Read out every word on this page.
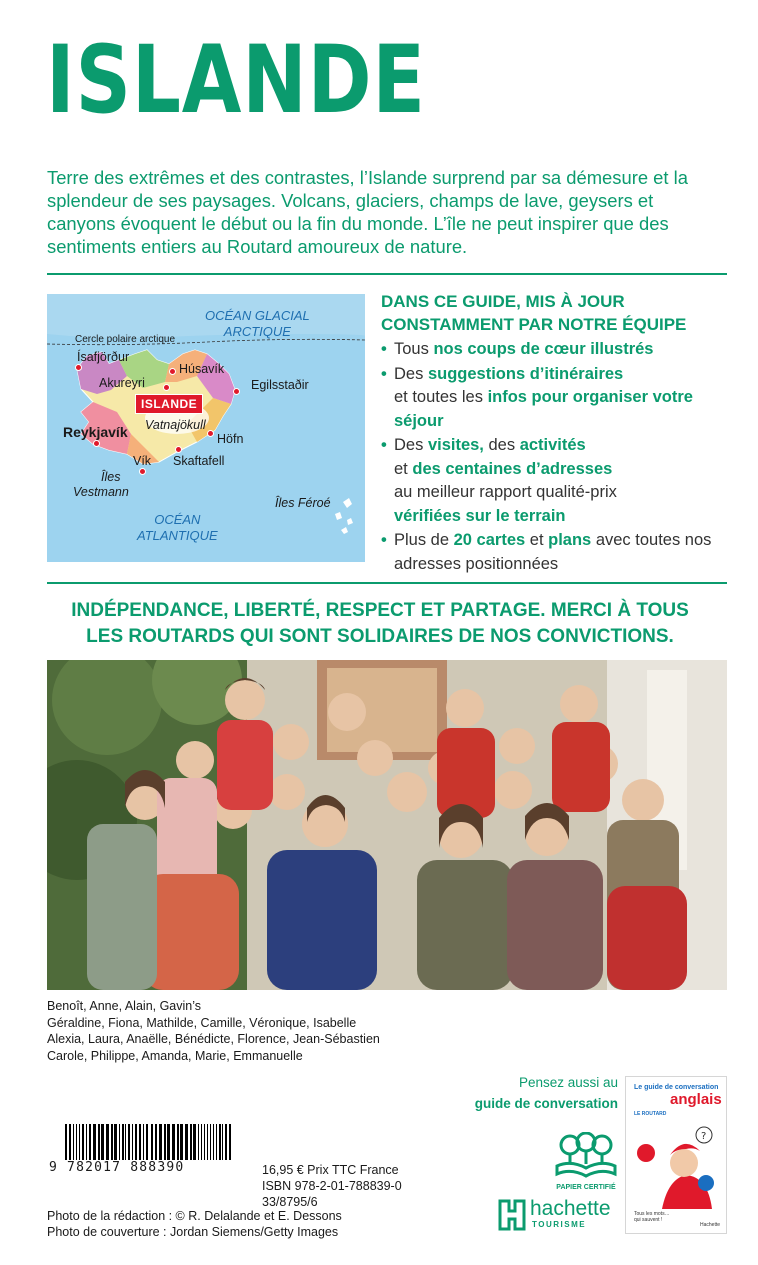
ISLANDE

Terre des extrêmes et des contrastes, l’Islande surprend par sa démesure et la splendeur de ses paysages. Volcans, glaciers, champs de lave, geysers et canyons évoquent le début ou la fin du monde. L’île ne peut inspirer que des sentiments entiers au Routard amoureux de nature.

OCÉAN GLACIAL
ARCTIQUE
Cercle polaire arctique
Ísafjörður
Húsavík
Akureyri	Egilsstaðir
ISLANDE
Vatnajökull
Reykjavík	Höfn
Skaftafell
Vík
Îles
Vestmann
Îles Féroé
OCÉAN
ATLANTIQUE
DANS CE GUIDE, MIS À JOUR
CONSTAMMENT PAR NOTRE ÉQUIPE
• Tous nos coups de cœur illustrés
• Des suggestions d’itinéraires
et toutes les infos pour organiser votre séjour
• Des visites, des activités
et des centaines d’adresses
au meilleur rapport qualité-prix
vérifiées sur le terrain
• Plus de 20 cartes et plans avec toutes nos adresses positionnées
INDÉPENDANCE, LIBERTÉ, RESPECT ET PARTAGE. MERCI À TOUS
LES ROUTARDS QUI SONT SOLIDAIRES DE NOS CONVICTIONS.
Benoît, Anne, Alain, Gavin’s
Géraldine, Fiona, Mathilde, Camille, Véronique, Isabelle
Alexia, Laura, Anaëlle, Bénédicte, Florence, Jean-Sébastien
Carole, Philippe, Amanda, Marie, Emmanuelle
Pensez aussi au
guide de conversation
9 782017 888390	16,95 € Prix TTC France
ISBN 978-2-01-788839-0
33/8795/6
Photo de la rédaction : © R. Delalande et E. Dessons
Photo de couverture : Jordan Siemens/Getty Images
PAPIER CERTIFIÉ
hachette
TOURISME
Le guide de conversation
anglais
LE ROUTARD
?
Tous les mots… qui sauvent !
Hachette
